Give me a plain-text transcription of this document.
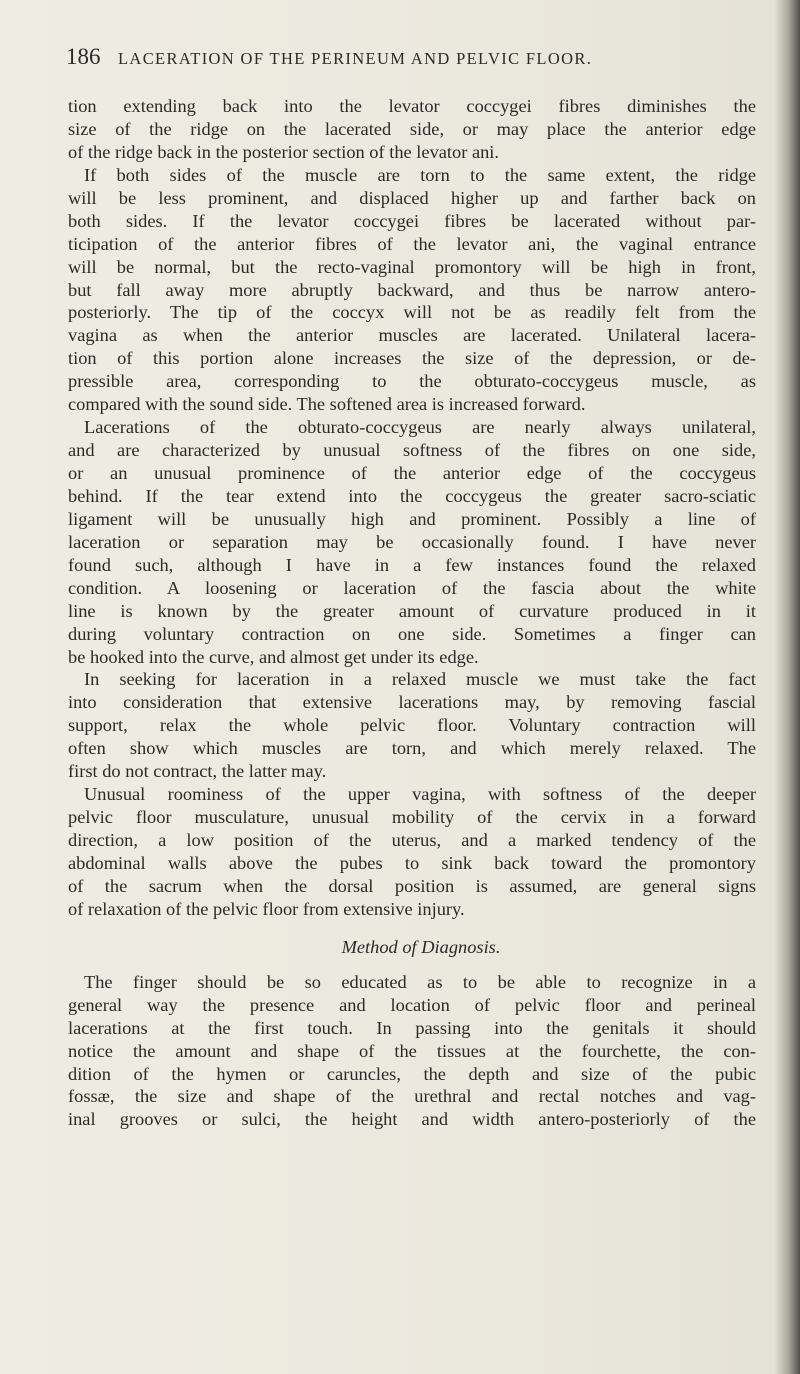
186 LACERATION OF THE PERINEUM AND PELVIC FLOOR.
tion extending back into the levator coccygei fibres diminishes the
size of the ridge on the lacerated side, or may place the anterior edge
of the ridge back in the posterior section of the levator ani.
If both sides of the muscle are torn to the same extent, the ridge
will be less prominent, and displaced higher up and farther back on
both sides. If the levator coccygei fibres be lacerated without par-
ticipation of the anterior fibres of the levator ani, the vaginal entrance
will be normal, but the recto-vaginal promontory will be high in front,
but fall away more abruptly backward, and thus be narrow antero-
posteriorly. The tip of the coccyx will not be as readily felt from the
vagina as when the anterior muscles are lacerated. Unilateral lacera-
tion of this portion alone increases the size of the depression, or de-
pressible area, corresponding to the obturato-coccygeus muscle, as
compared with the sound side. The softened area is increased forward.
Lacerations of the obturato-coccygeus are nearly always unilateral,
and are characterized by unusual softness of the fibres on one side,
or an unusual prominence of the anterior edge of the coccygeus
behind. If the tear extend into the coccygeus the greater sacro-sciatic
ligament will be unusually high and prominent. Possibly a line of
laceration or separation may be occasionally found. I have never
found such, although I have in a few instances found the relaxed
condition. A loosening or laceration of the fascia about the white
line is known by the greater amount of curvature produced in it
during voluntary contraction on one side. Sometimes a finger can
be hooked into the curve, and almost get under its edge.
In seeking for laceration in a relaxed muscle we must take the fact
into consideration that extensive lacerations may, by removing fascial
support, relax the whole pelvic floor. Voluntary contraction will
often show which muscles are torn, and which merely relaxed. The
first do not contract, the latter may.
Unusual roominess of the upper vagina, with softness of the deeper
pelvic floor musculature, unusual mobility of the cervix in a forward
direction, a low position of the uterus, and a marked tendency of the
abdominal walls above the pubes to sink back toward the promontory
of the sacrum when the dorsal position is assumed, are general signs
of relaxation of the pelvic floor from extensive injury.
Method of Diagnosis.
The finger should be so educated as to be able to recognize in a
general way the presence and location of pelvic floor and perineal
lacerations at the first touch. In passing into the genitals it should
notice the amount and shape of the tissues at the fourchette, the con-
dition of the hymen or caruncles, the depth and size of the pubic
fossæ, the size and shape of the urethral and rectal notches and vag-
inal grooves or sulci, the height and width antero-posteriorly of the
